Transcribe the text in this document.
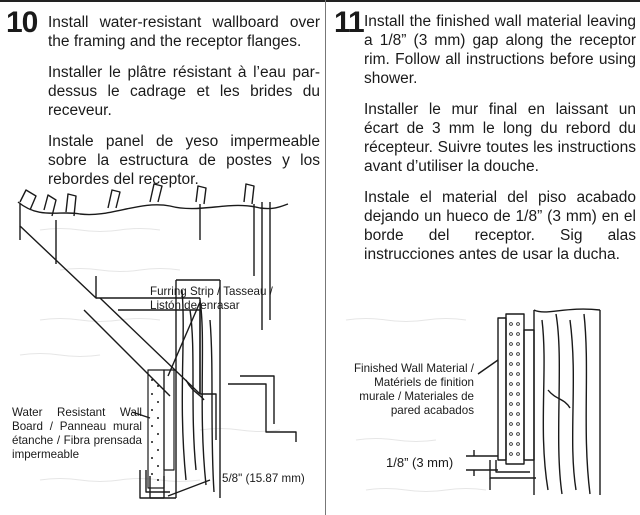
10 Install water-resistant wallboard over the framing and the receptor flanges.

Installer le plâtre résistant à l’eau par-dessus le cadrage et les brides du receveur.

Instale panel de yeso impermeable sobre la estructura de postes y los rebordes del receptor.

Furring Strip / Tasseau / Listón de enrasar
Water Resistant Wall Board / Panneau mural étanche / Fibra prensada impermeable
5/8" (15.87 mm)
11 Install the finished wall material leaving a 1/8” (3 mm) gap along the receptor rim. Follow all instructions before using shower.

Installer le mur final en laissant un écart de 3 mm le long du rebord du récepteur. Suivre toutes les instructions avant d’utiliser la douche.

Instale el material del piso acabado dejando un hueco de 1/8” (3 mm) en el borde del receptor. Sig alas instrucciones antes de usar la ducha.

Finished Wall Material / Matériels de finition murale / Materiales de pared acabados
1/8” (3 mm)
